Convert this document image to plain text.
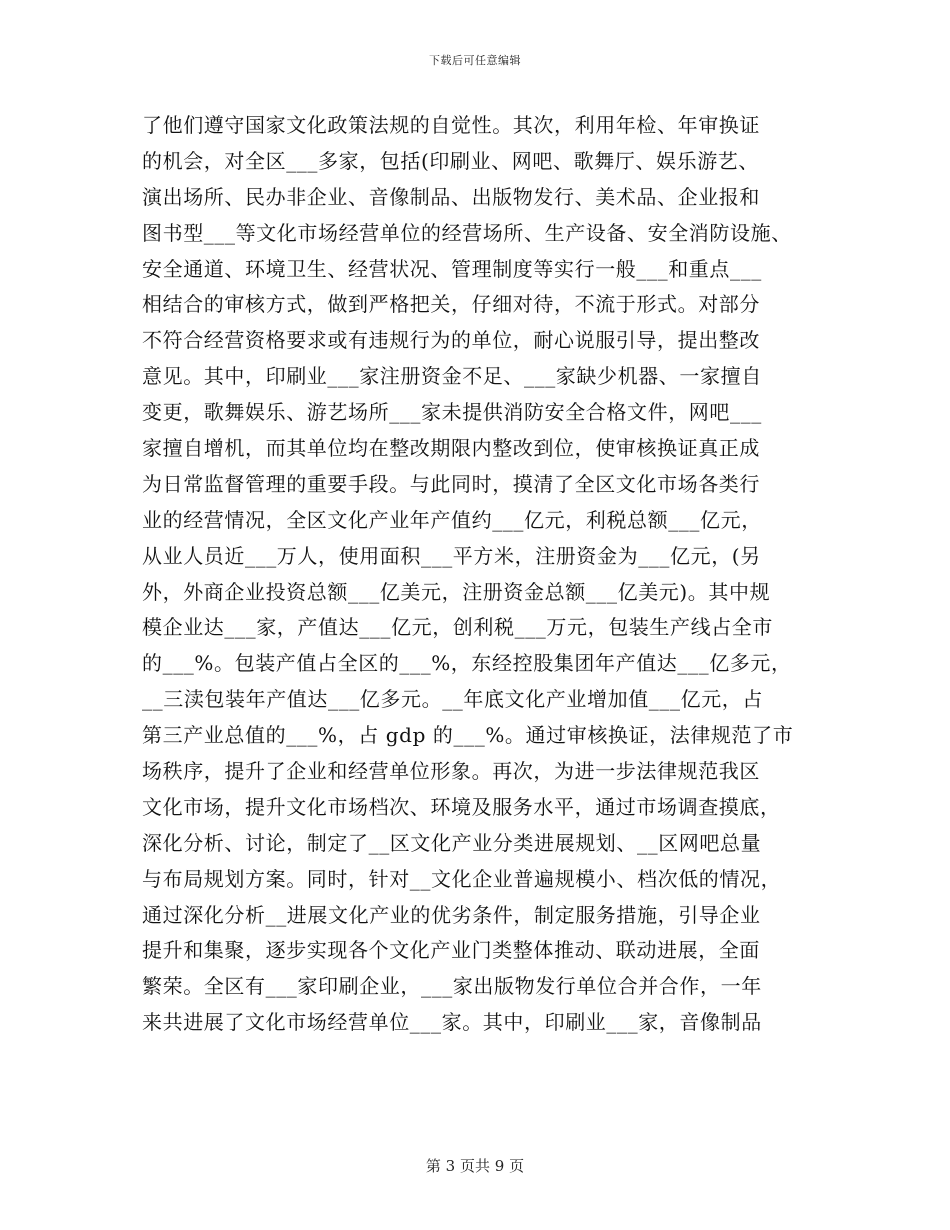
下载后可任意编辑
了他们遵守国家文化政策法规的自觉性。其次，利用年检、年审换证
的机会，对全区___多家，包括(印刷业、网吧、歌舞厅、娱乐游艺、
演出场所、民办非企业、音像制品、出版物发行、美术品、企业报和
图书型___等文化市场经营单位的经营场所、生产设备、安全消防设施、
安全通道、环境卫生、经营状况、管理制度等实行一般___和重点___
相结合的审核方式，做到严格把关，仔细对待，不流于形式。对部分
不符合经营资格要求或有违规行为的单位，耐心说服引导，提出整改
意见。其中，印刷业___家注册资金不足、___家缺少机器、一家擅自
变更，歌舞娱乐、游艺场所___家未提供消防安全合格文件，网吧___
家擅自增机，而其单位均在整改期限内整改到位，使审核换证真正成
为日常监督管理的重要手段。与此同时，摸清了全区文化市场各类行
业的经营情况，全区文化产业年产值约___亿元，利税总额___亿元，
从业人员近___万人，使用面积___平方米，注册资金为___亿元，(另
外，外商企业投资总额___亿美元，注册资金总额___亿美元)。其中规
模企业达___家，产值达___亿元，创利税___万元，包装生产线占全市
的___%。包装产值占全区的___%，东经控股集团年产值达___亿多元，
__三渎包装年产值达___亿多元。__年底文化产业增加值___亿元，占
第三产业总值的___%，占 gdp 的___%。通过审核换证，法律规范了市
场秩序，提升了企业和经营单位形象。再次，为进一步法律规范我区
文化市场，提升文化市场档次、环境及服务水平，通过市场调查摸底，
深化分析、讨论，制定了__区文化产业分类进展规划、__区网吧总量
与布局规划方案。同时，针对__文化企业普遍规模小、档次低的情况，
通过深化分析__进展文化产业的优劣条件，制定服务措施，引导企业
提升和集聚，逐步实现各个文化产业门类整体推动、联动进展，全面
繁荣。全区有___家印刷企业，___家出版物发行单位合并合作，一年
来共进展了文化市场经营单位___家。其中，印刷业___家，音像制品
第 3 页共 9 页
